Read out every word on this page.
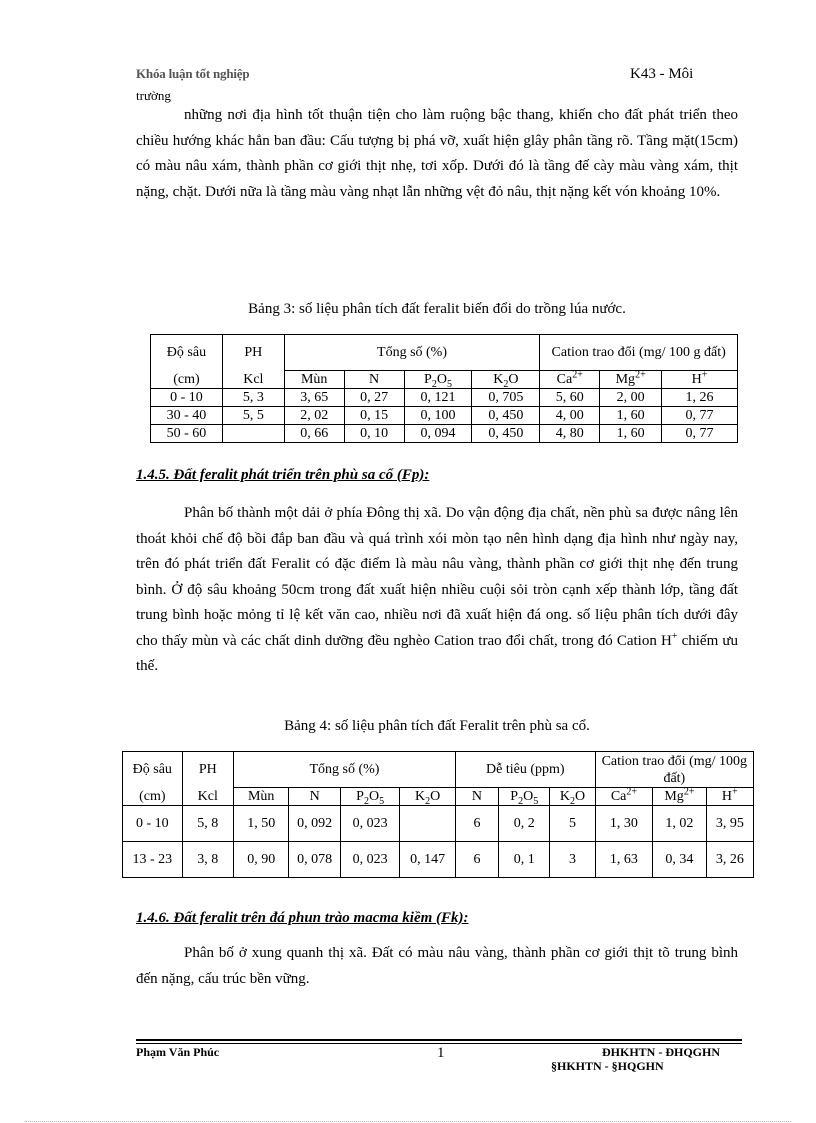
Khóa luận tốt nghiệp
trường
K43 - Môi

những nơi địa hình tốt thuận tiện cho làm ruộng bậc thang, khiến cho đất phát triển theo chiều hướng khác hẳn ban đầu: Cấu tượng bị phá vỡ, xuất hiện glây phân tầng rõ. Tầng mặt(15cm) có màu nâu xám, thành phần cơ giới thịt nhẹ, tơi xốp. Dưới đó là tầng đế cày màu vàng xám, thịt nặng, chặt. Dưới nữa là tầng màu vàng nhạt lẫn những vệt đỏ nâu, thịt nặng kết vón khoảng 10%.

Bảng 3: số liệu phân tích đất feralit biến đổi do trồng lúa nước.
Độ sâu	PH	Tổng số (%)				Cation trao đổi (mg/ 100 g đất)		
(cm)	Kcl	Mùn	N	$P_2O_5$	$K_2O$	$Ca^{2+}$	$Mg^{2+}$	H+
0 - 10	5, 3	3, 65	0, 27	0, 121	0, 705	5, 60	2, 00	1, 26
30 - 40	5, 5	2, 02	0, 15	0, 100	0, 450	4, 00	1, 60	0, 77
50 - 60		0, 66	0, 10	0, 094	0, 450	4, 80	1, 60	0, 77
1.4.5. Đất feralit phát triển trên phù sa cổ (Fp):

Phân bố thành một dải ở phía Đông thị xã. Do vận động địa chất, nền phù sa được nâng lên thoát khỏi chế độ bồi đắp ban đầu và quá trình xói mòn tạo nên hình dạng địa hình như ngày nay, trên đó phát triển đất Feralit có đặc điểm là màu nâu vàng, thành phần cơ giới thịt nhẹ đến trung bình. Ở độ sâu khoảng 50cm trong đất xuất hiện nhiều cuội sỏi tròn cạnh xếp thành lớp, tầng đất trung bình hoặc mỏng tỉ lệ kết văn cao, nhiều nơi đã xuất hiện đá ong. số liệu phân tích dưới đây cho thấy mùn và các chất dinh dưỡng đều nghèo Cation trao đổi chất, trong đó Cation H+ chiếm ưu thế.

Bảng 4: số liệu phân tích đất Feralit trên phù sa cổ.
Độ sâu	PH	Tổng số (%)				Dễ tiêu (ppm)			Cation trao đổi (mg/ 100g đất)		
(cm)	Kcl	Mùn	N	$P_2O_5$	$K_2O$	N	$P_2O_5$	$K_2O$	$Ca^{2+}$	$Mg^{2+}$	H+
0 - 10	5, 8	1, 50	0, 092	0, 023		6	0, 2	5	1, 30	1, 02	3, 95
13 - 23	3, 8	0, 90	0, 078	0, 023	0, 147	6	0, 1	3	1, 63	0, 34	3, 26
1.4.6. Đất feralit trên đá phun trào macma kiềm (Fk):

Phân bố ở xung quanh thị xã. Đất có màu nâu vàng, thành phần cơ giới thịt tõ trung bình đến nặng, cấu trúc bền vững.

Phạm Văn Phúc	1	ĐHKHTN - ĐHQGHN
§HKHTN - §HQGHN
